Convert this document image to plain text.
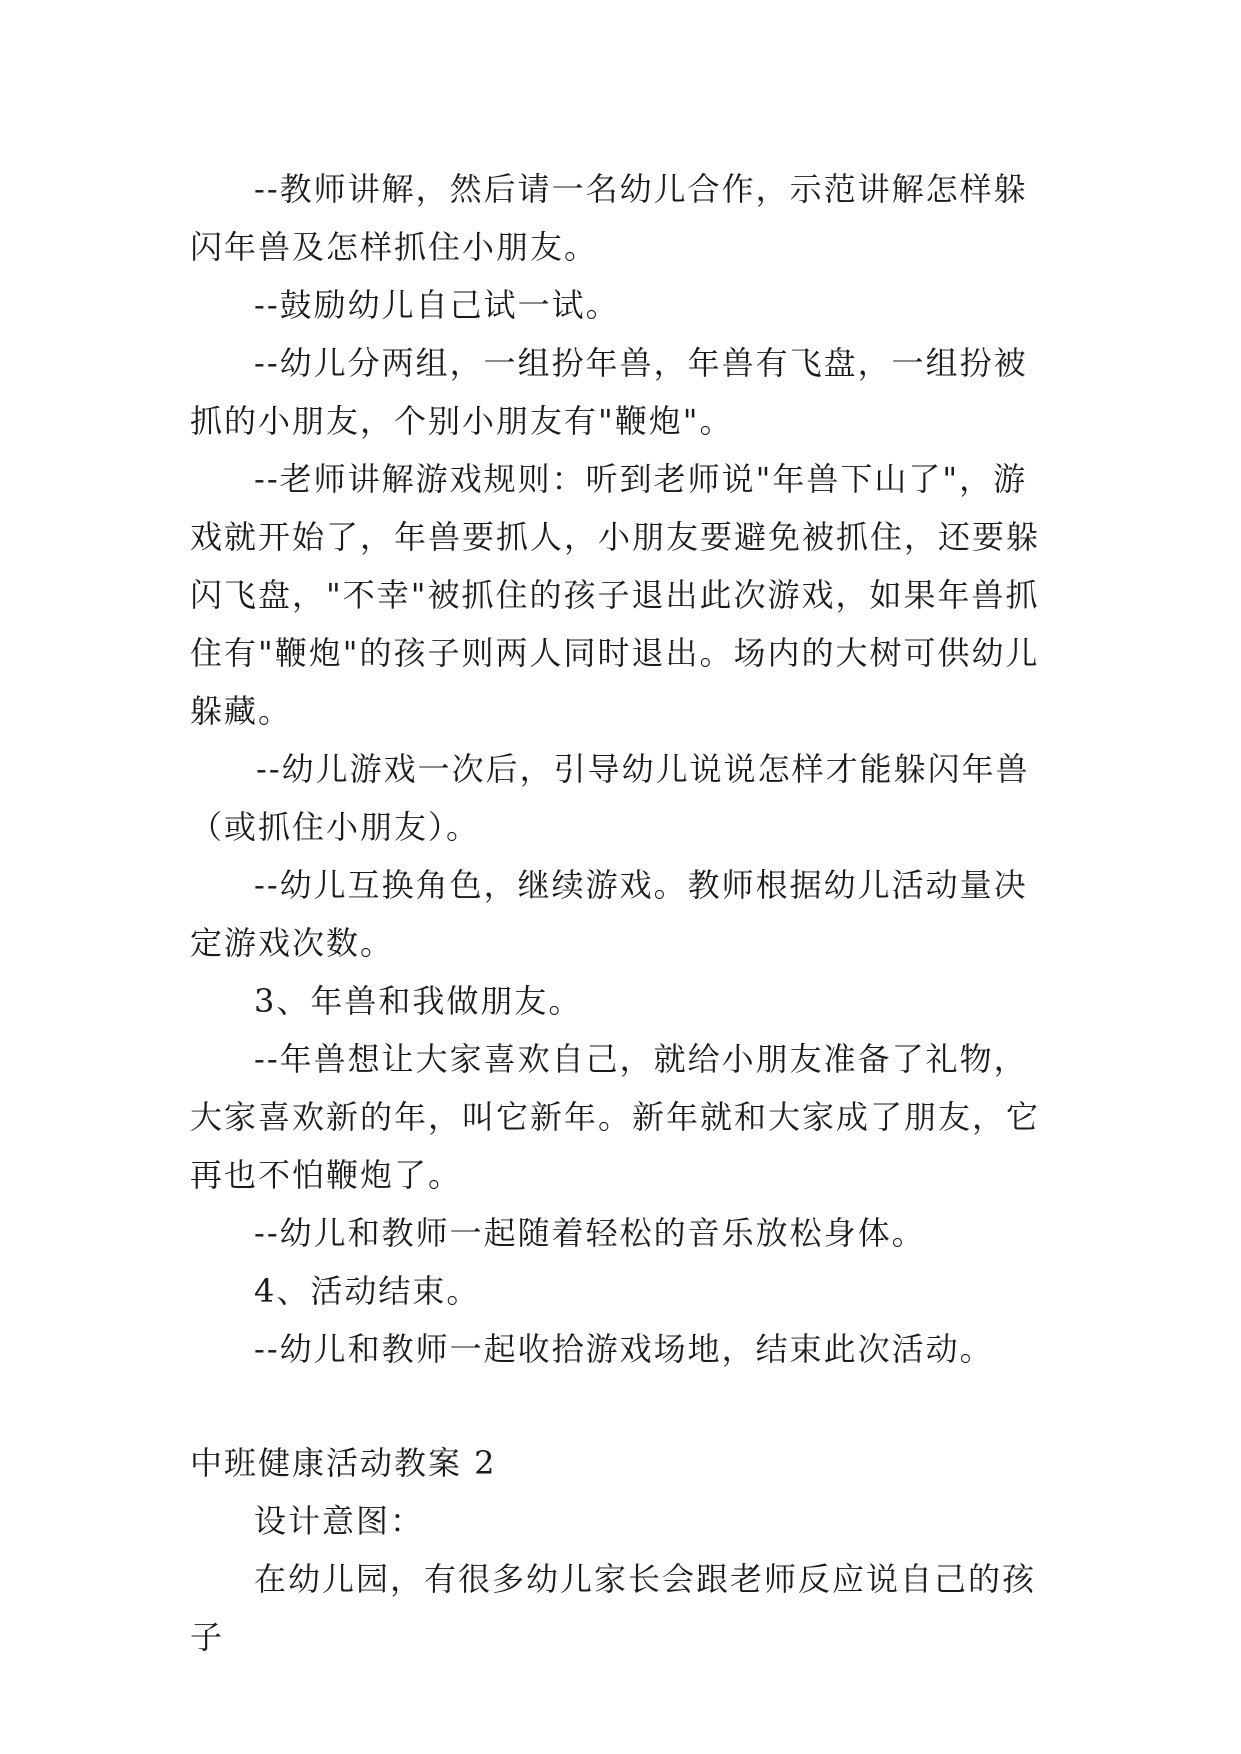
--教师讲解，然后请一名幼儿合作，示范讲解怎样躲闪年兽及怎样抓住小朋友。

--鼓励幼儿自己试一试。

--幼儿分两组，一组扮年兽，年兽有飞盘，一组扮被抓的小朋友，个别小朋友有"鞭炮"。

--老师讲解游戏规则：听到老师说"年兽下山了"，游戏就开始了，年兽要抓人，小朋友要避免被抓住，还要躲闪飞盘，"不幸"被抓住的孩子退出此次游戏，如果年兽抓住有"鞭炮"的孩子则两人同时退出。场内的大树可供幼儿躲藏。

--幼儿游戏一次后，引导幼儿说说怎样才能躲闪年兽（或抓住小朋友）。

--幼儿互换角色，继续游戏。教师根据幼儿活动量决定游戏次数。

3、年兽和我做朋友。

--年兽想让大家喜欢自己，就给小朋友准备了礼物，大家喜欢新的年，叫它新年。新年就和大家成了朋友，它再也不怕鞭炮了。

--幼儿和教师一起随着轻松的音乐放松身体。

4、活动结束。

--幼儿和教师一起收拾游戏场地，结束此次活动。

中班健康活动教案 2

设计意图：

在幼儿园，有很多幼儿家长会跟老师反应说自己的孩子
